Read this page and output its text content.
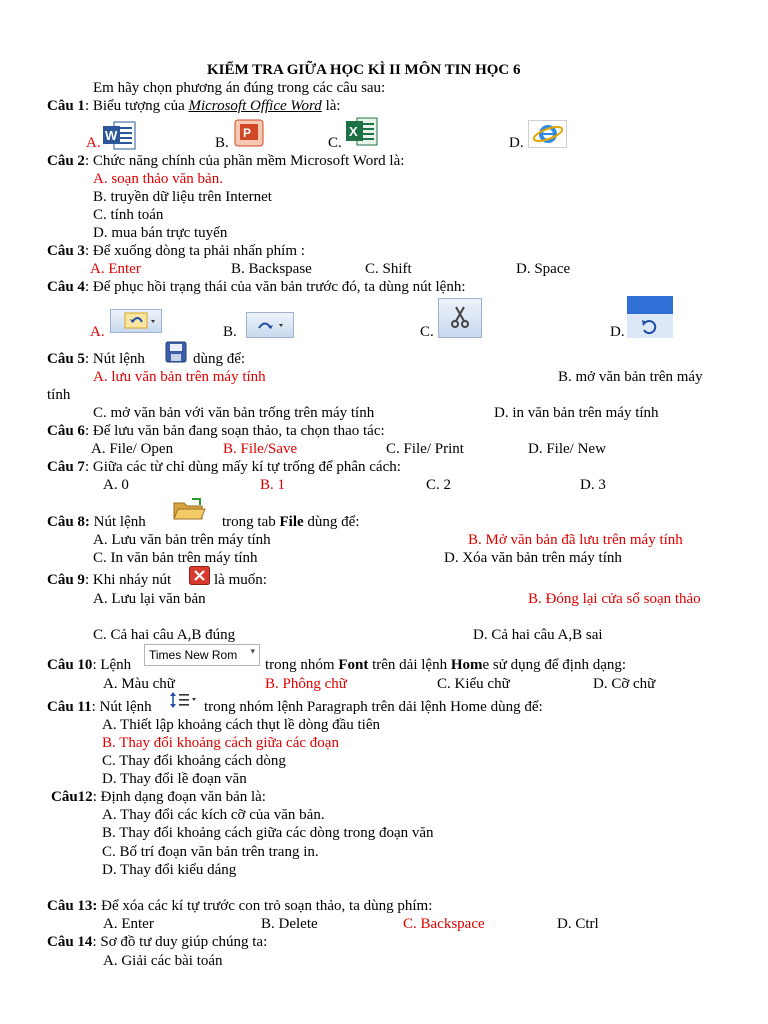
KIỂM TRA GIỮA HỌC KÌ II MÔN TIN HỌC 6
Em hãy chọn phương án đúng trong các câu sau:
Câu 1: Biểu tượng của Microsoft Office Word là:
A. W	B.
P
C.
X
D.
Câu 2: Chức năng chính của phần mềm Microsoft Word là:
A. soạn thảo văn bản.
B. truyền dữ liệu trên Internet
C. tính toán
D. mua bán trực tuyến
Câu 3: Để xuống dòng ta phải nhấn phím :
A. Enter	B. Backspase	C. Shift	D. Space
Câu 4: Để phục hồi trạng thái của văn bản trước đó, ta dùng nút lệnh:
A.	B.	C.	D.
Câu 5: Nút lệnh	dùng để:
A. lưu văn bản trên máy tính	B. mở văn bản trên máy
tính
C. mở văn bản với văn bản trống trên máy tính	D. in văn bản trên máy tính
Câu 6: Để lưu văn bản đang soạn thảo, ta chọn thao tác:
A. File/ Open	B. File/Save	C. File/ Print	D. File/ New
Câu 7: Giữa các từ chỉ dùng mấy kí tự trống để phân cách:
A. 0	B. 1	C. 2	D. 3
Câu 8: Nút lệnh	trong tab File dùng để:
A. Lưu văn bản trên máy tính	B. Mở văn bản đã lưu trên máy tính
C. In văn bản trên máy tính	D. Xóa văn bản trên máy tính
Câu 9: Khi nháy nút	là muốn:
A. Lưu lại văn bản	B. Đóng lại cửa sổ soạn thảo
C. Cả hai câu A,B đúng	D. Cả hai câu A,B sai
Câu 10: Lệnh
Times New Rom ▾
trong nhóm Font trên dải lệnh Home sử dụng để định dạng:
A. Màu chữ	B. Phông chữ	C. Kiểu chữ	D. Cỡ chữ
Câu 11: Nút lệnh	trong nhóm lệnh Paragraph trên dải lệnh Home dùng để:
A. Thiết lập khoảng cách thụt lề dòng đầu tiên
B. Thay đổi khoảng cách giữa các đoạn
C. Thay đổi khoảng cách dòng
D. Thay đổi lề đoạn văn
Câu12: Định dạng đoạn văn bản là:
A. Thay đổi các kích cỡ của văn bản.
B. Thay đổi khoảng cách giữa các dòng trong đoạn văn
C. Bố trí đoạn văn bản trên trang in.
D. Thay đổi kiểu dáng
Câu 13: Để xóa các kí tự trước con trỏ soạn thảo, ta dùng phím:
A. Enter	B. Delete	C. Backspace	D. Ctrl
Câu 14: Sơ đồ tư duy giúp chúng ta:
A. Giải các bài toán
